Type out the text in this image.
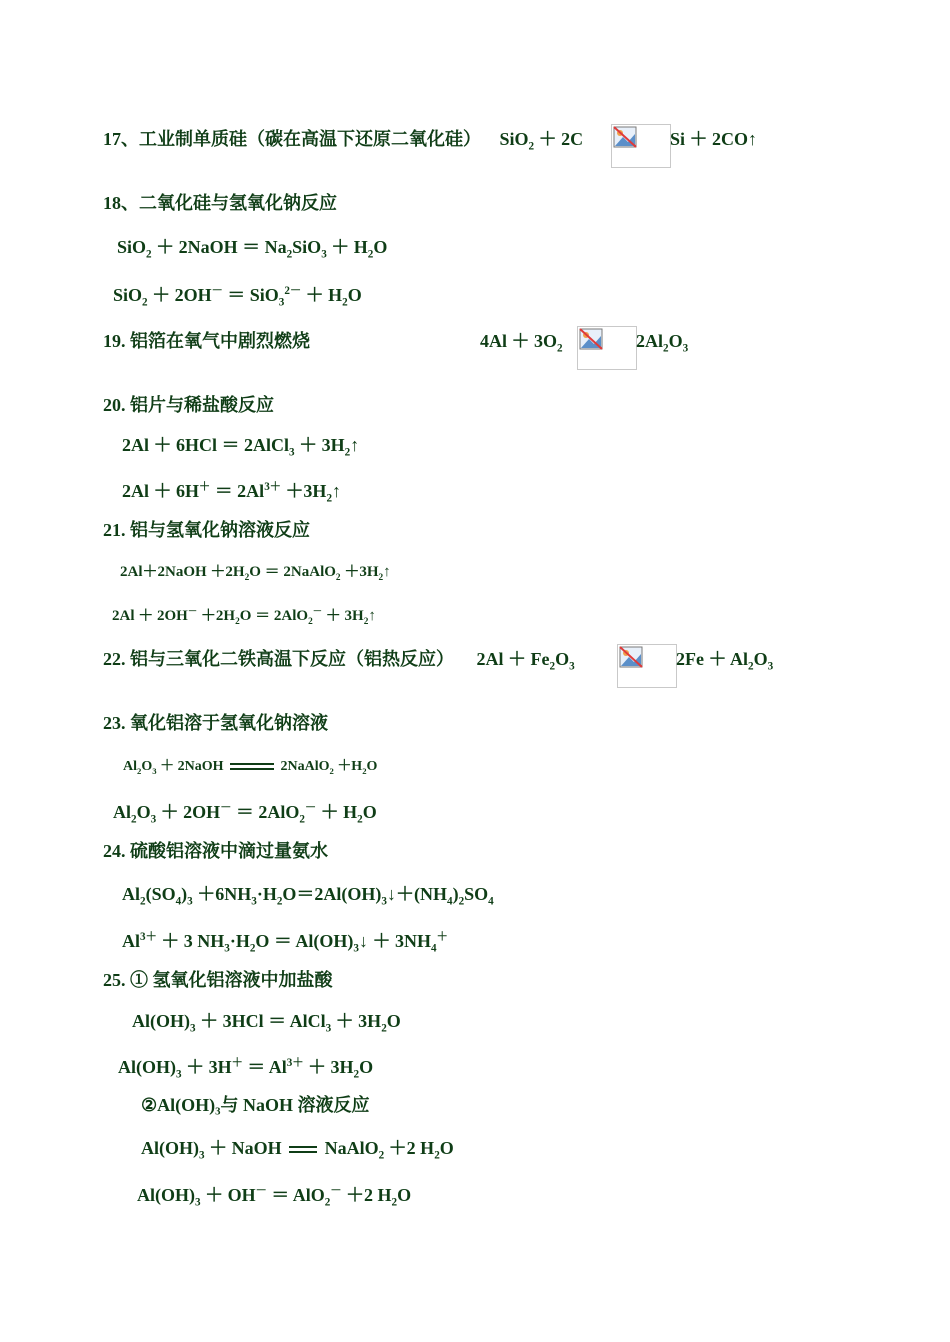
17、工业制单质硅（碳在高温下还原二氧化硅） SiO$_2$ ＋ 2C	Si ＋ 2CO↑
18、二氧化硅与氢氧化钠反应
SiO$_2$ ＋ 2NaOH ＝ $Na_2SiO_3 + H_2O$
$SiO_2 + 2OH^- = SiO_3^{2-} + H_2O$
19. 铝箔在氧气中剧烈燃烧	$4Al + 3O_2$	$2Al_2O_3$
20. 铝片与稀盐酸反应
2Al ＋ 6HCl ＝ 2AlCl$_3$ ＋ $3H_2↑$
$2Al + 6H^+ = 2Al^{3+}$ $+3H_2↑$
21. 铝与氢氧化钠溶液反应
2Al＋2NaOH $+2H_2O$ ＝ 2NaAlO$_2$ $+3H_2↑$
$2Al + 2OH^- +2H_2O = 2AlO_2^-$ ＋ $3H_2↑$
22. 铝与三氧化二铁高温下反应（铝热反应） $2Al + Fe_2O_3$	$2Fe + Al_2O_3$
23. 氧化铝溶于氢氧化钠溶液
$Al_2O_3$ ＋ 2NaOH	2NaAlO$_2$ $+H_2O$
$Al_2O_3 + 2OH^- = 2AlO_2^- + H_2O$
24. 硫酸铝溶液中滴过量氨水
$Al_2(SO_4)_3$ $+6NH_3\cdot H_2O=2Al(OH)_3↓+(NH_4)_2SO_4$
$Al^{3+} + 3$ $NH_3\cdot H_2O$ ＝ $Al(OH)_3↓ + 3NH_4^+$
25. ① 氢氧化铝溶液中加盐酸
$Al(OH)_3 + 3HCl$ ＝ AlCl$_3$ ＋ $3H_2O$
$Al(OH)_3 + 3H^+ = Al^{3+} + 3H_2O$
②Al(OH)₃与 NaOH 溶液反应
$Al(OH)_3$ ＋ NaOH  NaAlO$_2$ ＋2 $H_2O$
$Al(OH)_3 + OH^- = AlO_2^- +2$ $H_2O$
